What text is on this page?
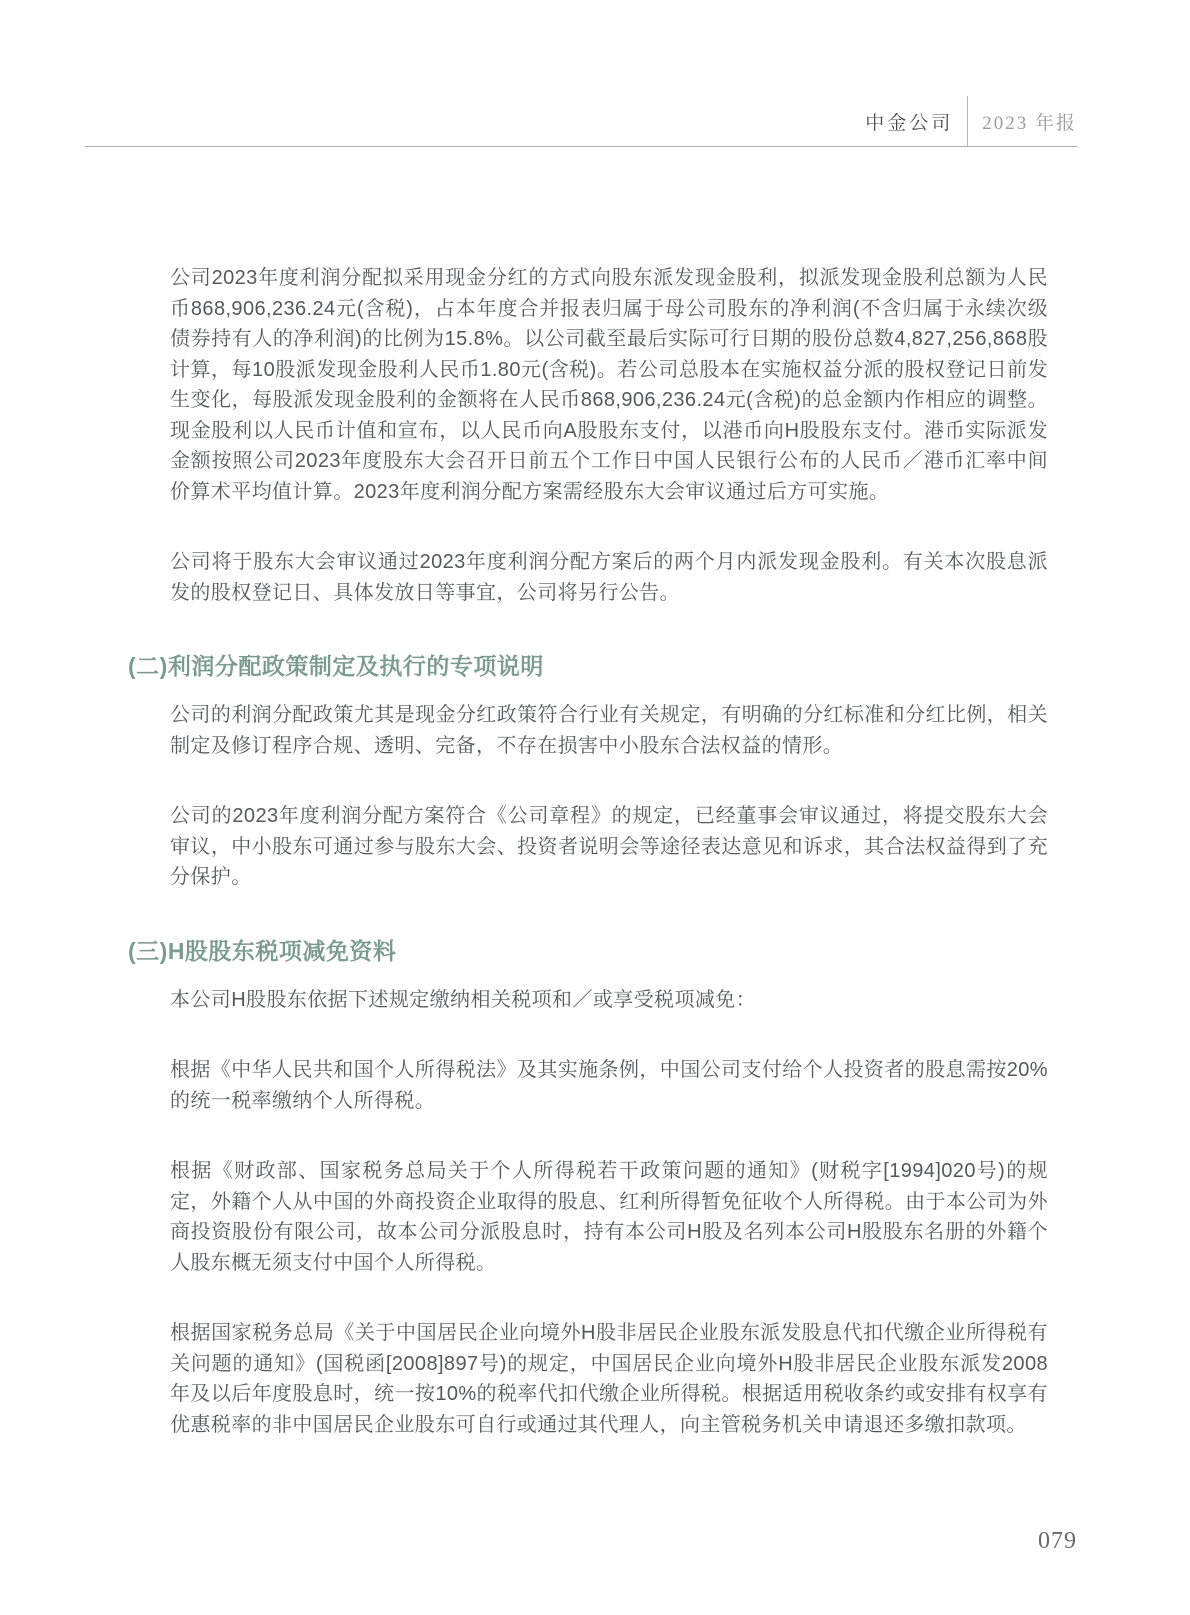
中金公司	2023 年报

公司2023年度利润分配拟采用现金分红的方式向股东派发现金股利，拟派发现金股利总额为人民币868,906,236.24元(含税)，占本年度合并报表归属于母公司股东的净利润(不含归属于永续次级债券持有人的净利润)的比例为15.8%。以公司截至最后实际可行日期的股份总数4,827,256,868股计算，每10股派发现金股利人民币1.80元(含税)。若公司总股本在实施权益分派的股权登记日前发生变化，每股派发现金股利的金额将在人民币868,906,236.24元(含税)的总金额内作相应的调整。现金股利以人民币计值和宣布，以人民币向A股股东支付，以港币向H股股东支付。港币实际派发金额按照公司2023年度股东大会召开日前五个工作日中国人民银行公布的人民币／港币汇率中间价算术平均值计算。2023年度利润分配方案需经股东大会审议通过后方可实施。

公司将于股东大会审议通过2023年度利润分配方案后的两个月内派发现金股利。有关本次股息派发的股权登记日、具体发放日等事宜，公司将另行公告。

(二)利润分配政策制定及执行的专项说明

公司的利润分配政策尤其是现金分红政策符合行业有关规定，有明确的分红标准和分红比例，相关制定及修订程序合规、透明、完备，不存在损害中小股东合法权益的情形。

公司的2023年度利润分配方案符合《公司章程》的规定，已经董事会审议通过，将提交股东大会审议，中小股东可通过参与股东大会、投资者说明会等途径表达意见和诉求，其合法权益得到了充分保护。

(三)H股股东税项减免资料

本公司H股股东依据下述规定缴纳相关税项和／或享受税项减免：

根据《中华人民共和国个人所得税法》及其实施条例，中国公司支付给个人投资者的股息需按20%的统一税率缴纳个人所得税。

根据《财政部、国家税务总局关于个人所得税若干政策问题的通知》(财税字[1994]020号)的规定，外籍个人从中国的外商投资企业取得的股息、红利所得暂免征收个人所得税。由于本公司为外商投资股份有限公司，故本公司分派股息时，持有本公司H股及名列本公司H股股东名册的外籍个人股东概无须支付中国个人所得税。

根据国家税务总局《关于中国居民企业向境外H股非居民企业股东派发股息代扣代缴企业所得税有关问题的通知》(国税函[2008]897号)的规定，中国居民企业向境外H股非居民企业股东派发2008年及以后年度股息时，统一按10%的税率代扣代缴企业所得税。根据适用税收条约或安排有权享有优惠税率的非中国居民企业股东可自行或通过其代理人，向主管税务机关申请退还多缴扣款项。

079
